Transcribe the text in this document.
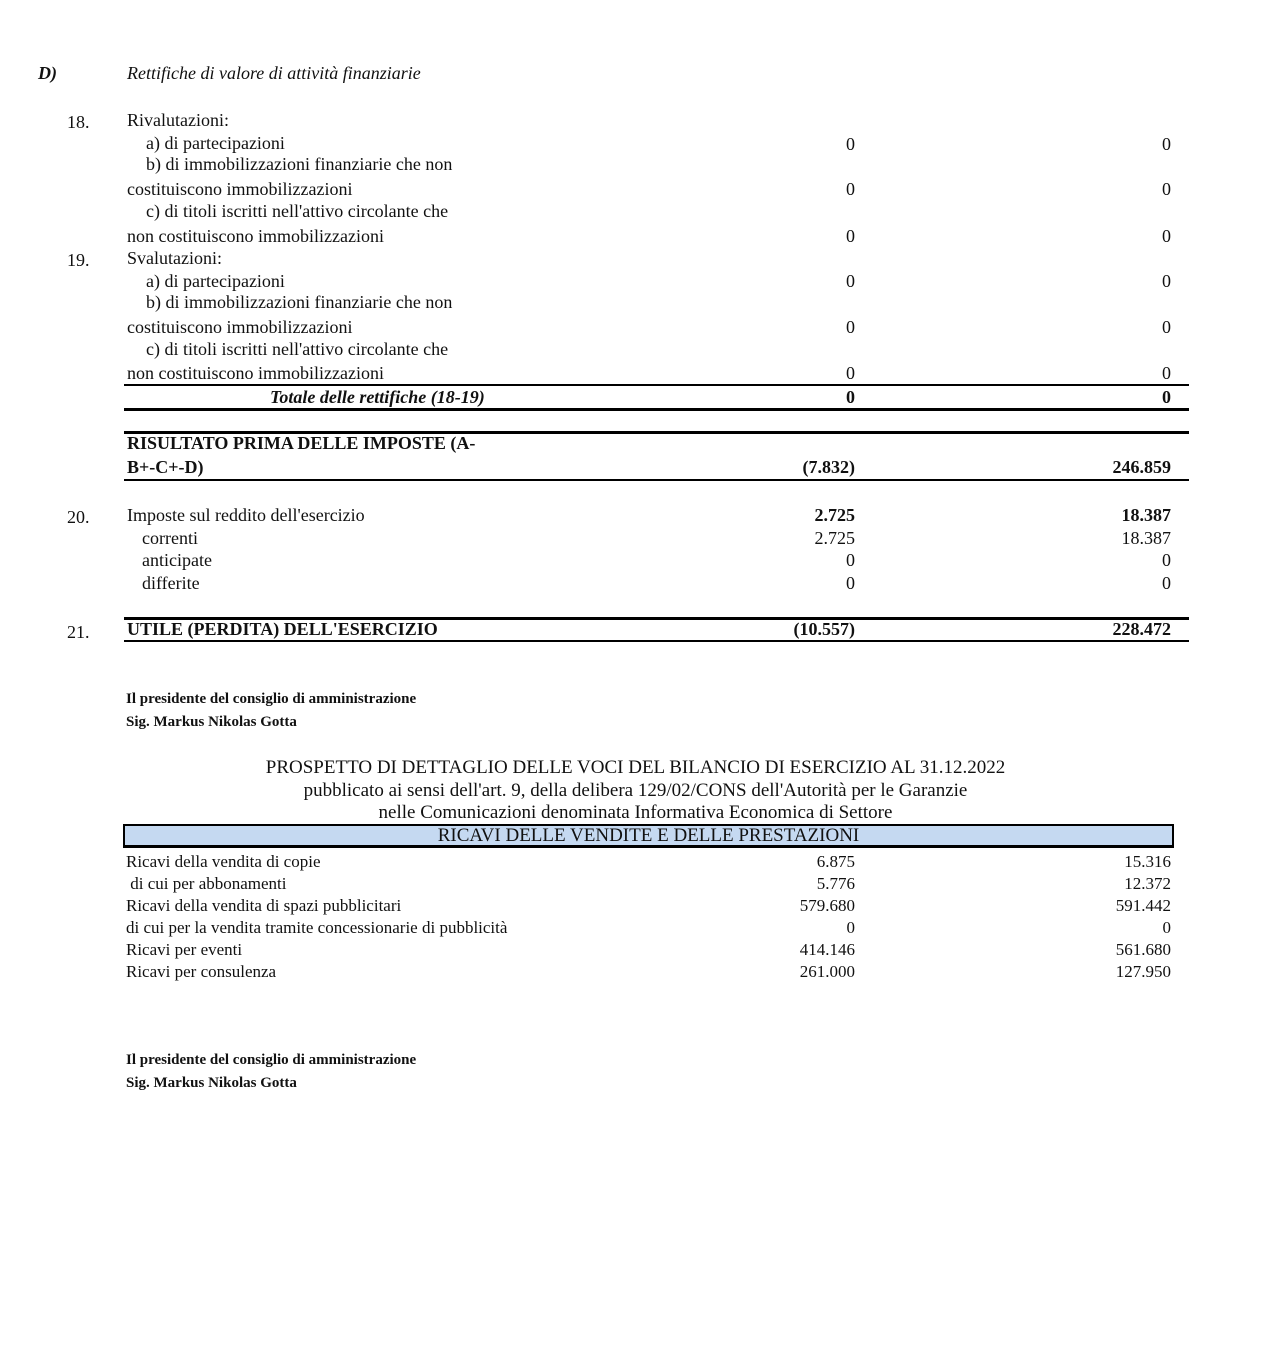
D)	Rettifiche di valore di attività finanziarie
18. Rivalutazioni:
a) di partecipazioni	0	0
b) di immobilizzazioni finanziarie che non
costituiscono immobilizzazioni	0	0
c) di titoli iscritti nell'attivo circolante che
non costituiscono immobilizzazioni	0	0
19. Svalutazioni:
a) di partecipazioni	0	0
b) di immobilizzazioni finanziarie che non
costituiscono immobilizzazioni	0	0
c) di titoli iscritti nell'attivo circolante che
non costituiscono immobilizzazioni	0	0
Totale delle rettifiche (18-19)	0	0
RISULTATO PRIMA DELLE IMPOSTE (A-
B+-C+-D)	(7.832)	246.859
20. Imposte sul reddito dell'esercizio	2.725	18.387
correnti	2.725	18.387
anticipate	0	0
differite	0	0
21. UTILE (PERDITA) DELL'ESERCIZIO	(10.557)	228.472
Il presidente del consiglio di amministrazione
Sig. Markus Nikolas Gotta
PROSPETTO DI DETTAGLIO DELLE VOCI DEL BILANCIO DI ESERCIZIO AL 31.12.2022
pubblicato ai sensi dell'art. 9, della delibera 129/02/CONS dell'Autorità per le Garanzie
nelle Comunicazioni denominata Informativa Economica di Settore
RICAVI DELLE VENDITE E DELLE PRESTAZIONI
Ricavi della vendita di copie	6.875	15.316
di cui per abbonamenti	5.776	12.372
Ricavi della vendita di spazi pubblicitari	579.680	591.442
di cui per la vendita tramite concessionarie di pubblicità	0	0
Ricavi per eventi	414.146	561.680
Ricavi per consulenza	261.000	127.950
Il presidente del consiglio di amministrazione
Sig. Markus Nikolas Gotta
